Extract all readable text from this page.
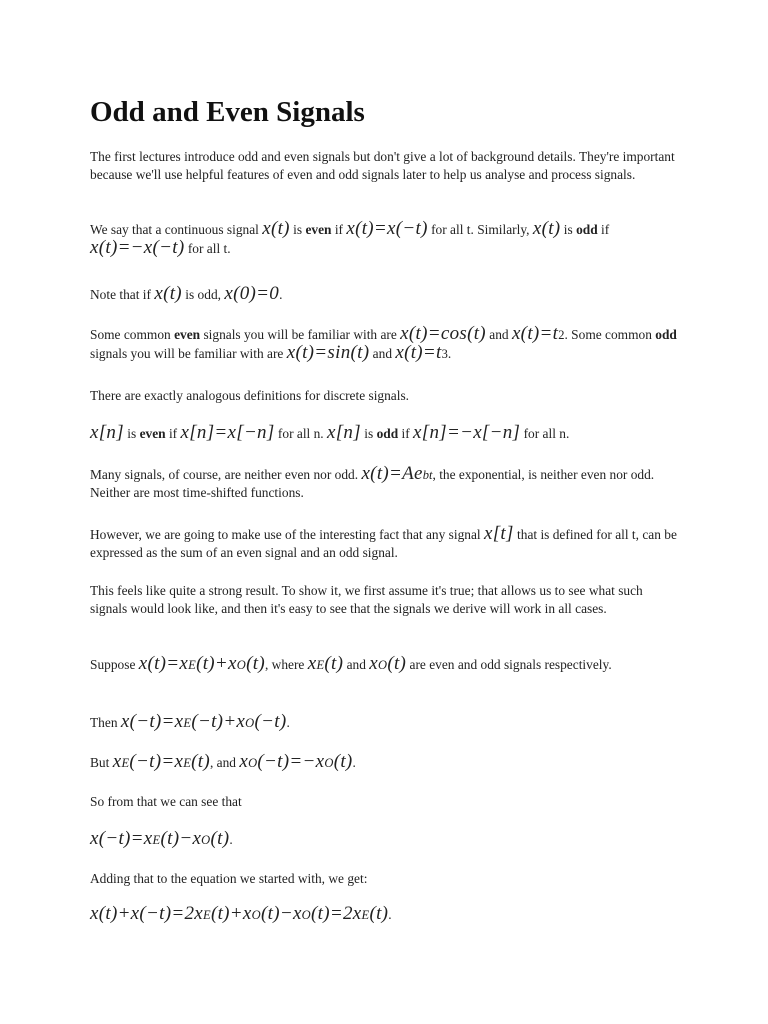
Odd and Even Signals

The first lectures introduce odd and even signals but don't give a lot of background details. They're important because we'll use helpful features of even and odd signals later to help us analyse and process signals.

We say that a continuous signal x(t) is even if x(t)=x(−t) for all t. Similarly, x(t) is odd if x(t)=−x(−t) for all t.

Note that if x(t) is odd, x(0)=0.

Some common even signals you will be familiar with are x(t)=cos(t) and x(t)=t2. Some common odd signals you will be familiar with are x(t)=sin(t) and x(t)=t3.

There are exactly analogous definitions for discrete signals.

x[n] is even if x[n]=x[−n] for all n. x[n] is odd if x[n]=−x[−n] for all n.

Many signals, of course, are neither even nor odd. x(t)=Aebt, the exponential, is neither even nor odd. Neither are most time-shifted functions.

However, we are going to make use of the interesting fact that any signal x[t] that is defined for all t, can be expressed as the sum of an even signal and an odd signal.

This feels like quite a strong result. To show it, we first assume it's true; that allows us to see what such signals would look like, and then it's easy to see that the signals we derive will work in all cases.

Suppose x(t)=xE(t)+xO(t), where xE(t) and xO(t) are even and odd signals respectively.

Then x(−t)=xE(−t)+xO(−t).

But xE(−t)=xE(t), and xO(−t)=−xO(t).

So from that we can see that

x(−t)=xE(t)−xO(t).

Adding that to the equation we started with, we get:

x(t)+x(−t)=2xE(t)+xO(t)−xO(t)=2xE(t).
